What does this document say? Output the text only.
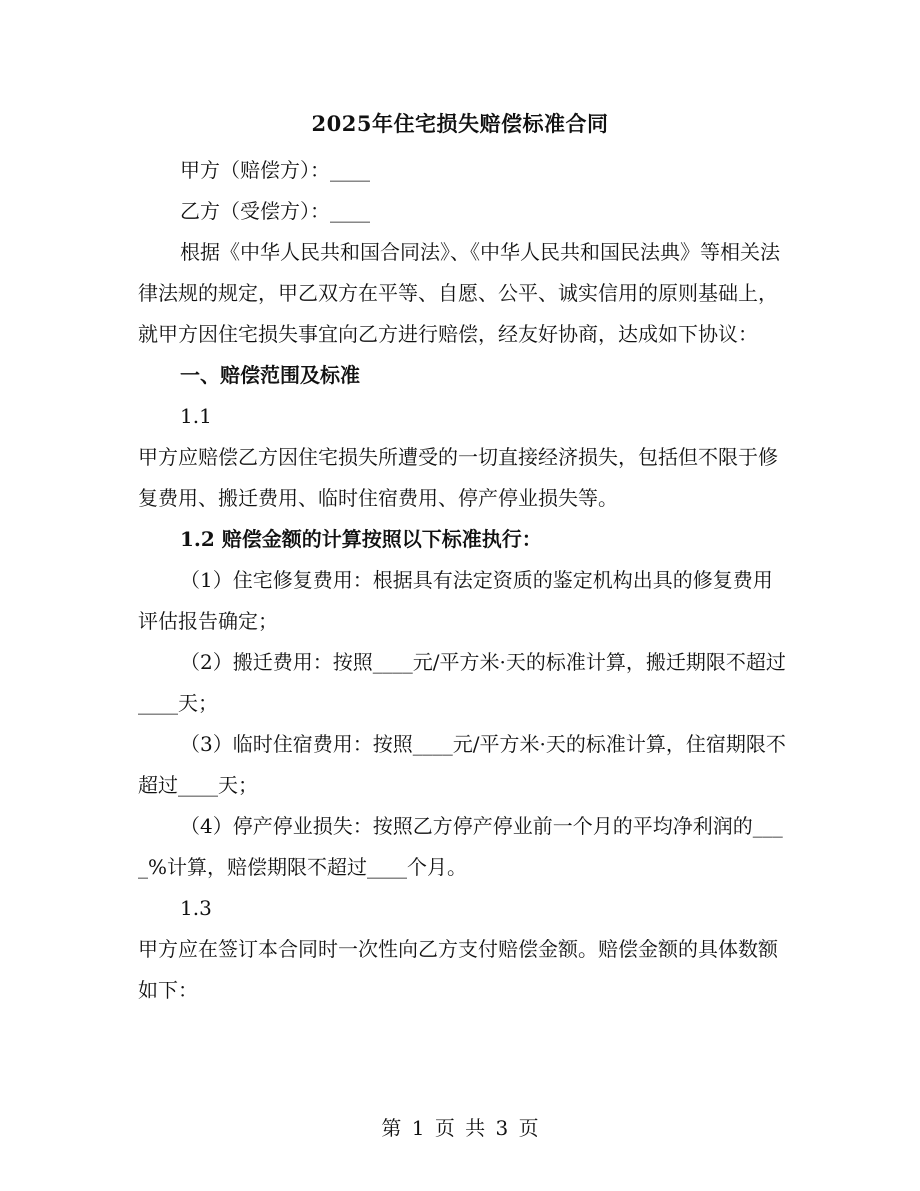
2025年住宅损失赔偿标准合同

甲方（赔偿方）：____

乙方（受偿方）：____

根据《中华人民共和国合同法》、《中华人民共和国民法典》等相关法律法规的规定，甲乙双方在平等、自愿、公平、诚实信用的原则基础上，就甲方因住宅损失事宜向乙方进行赔偿，经友好协商，达成如下协议：

一、赔偿范围及标准

1.1

甲方应赔偿乙方因住宅损失所遭受的一切直接经济损失，包括但不限于修复费用、搬迁费用、临时住宿费用、停产停业损失等。

1.2 赔偿金额的计算按照以下标准执行：

（1）住宅修复费用：根据具有法定资质的鉴定机构出具的修复费用评估报告确定；

（2）搬迁费用：按照____元/平方米·天的标准计算，搬迁期限不超过____天；

（3）临时住宿费用：按照____元/平方米·天的标准计算，住宿期限不超过____天；

（4）停产停业损失：按照乙方停产停业前一个月的平均净利润的____%计算，赔偿期限不超过____个月。

1.3

甲方应在签订本合同时一次性向乙方支付赔偿金额。赔偿金额的具体数额如下：

第 1 页 共 3 页
